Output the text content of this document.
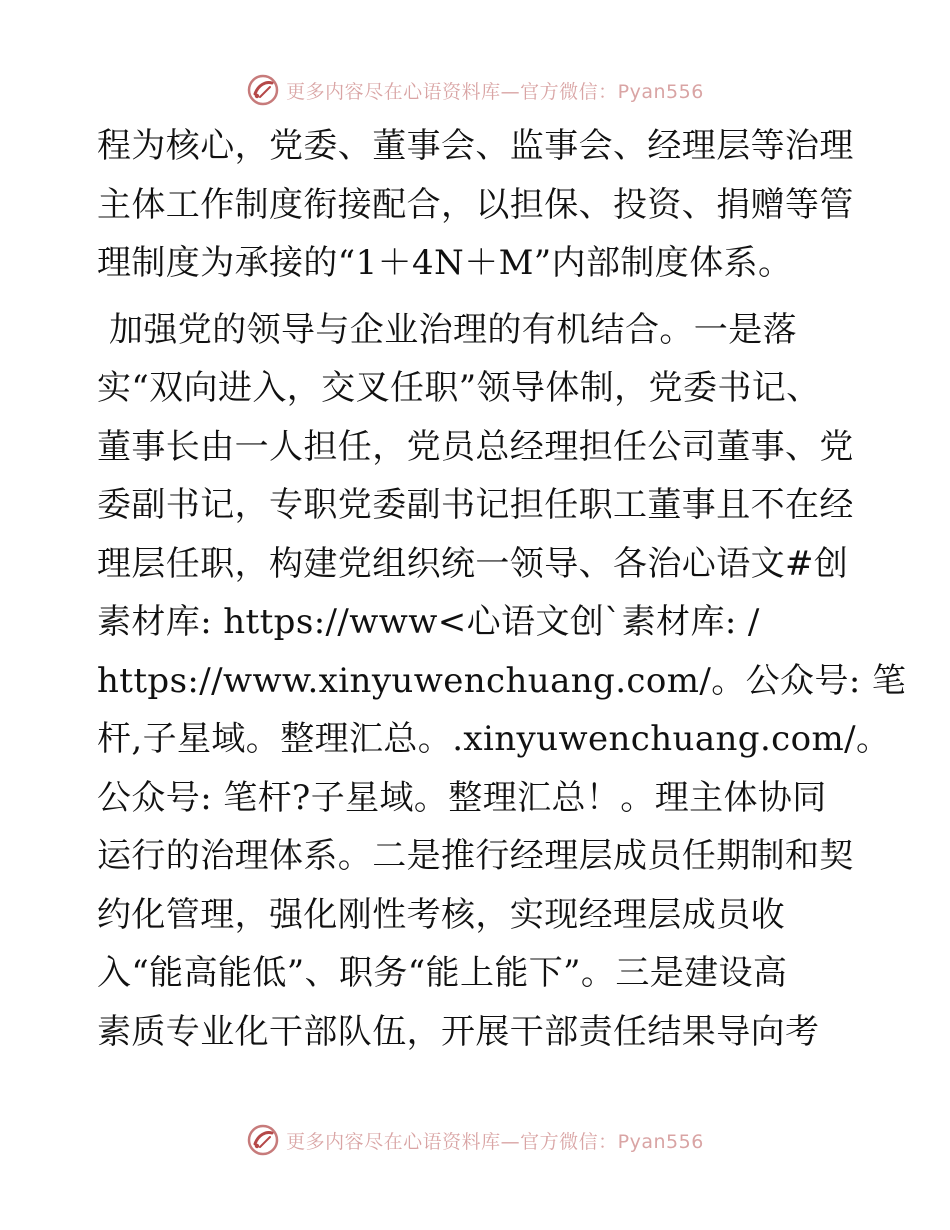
更多内容尽在心语资料库—官方微信：Pyan556
程为核心，党委、董事会、监事会、经理层等治理
主体工作制度衔接配合，以担保、投资、捐赠等管
理制度为承接的“1＋4N＋M”内部制度体系。
加强党的领导与企业治理的有机结合。一是落
实“双向进入，交叉任职”领导体制，党委书记、
董事长由一人担任，党员总经理担任公司董事、党
委副书记，专职党委副书记担任职工董事且不在经
理层任职，构建党组织统一领导、各治心语文#创
素材库: https://www<心语文创`素材库: /
https://www.xinyuwenchuang.com/。公众号: 笔
杆,子星域。整理汇总。.xinyuwenchuang.com/。
公众号: 笔杆?子星域。整理汇总！。理主体协同
运行的治理体系。二是推行经理层成员任期制和契
约化管理，强化刚性考核，实现经理层成员收
入“能高能低”、职务“能上能下”。三是建设高
素质专业化干部队伍，开展干部责任结果导向考
更多内容尽在心语资料库—官方微信：Pyan556
